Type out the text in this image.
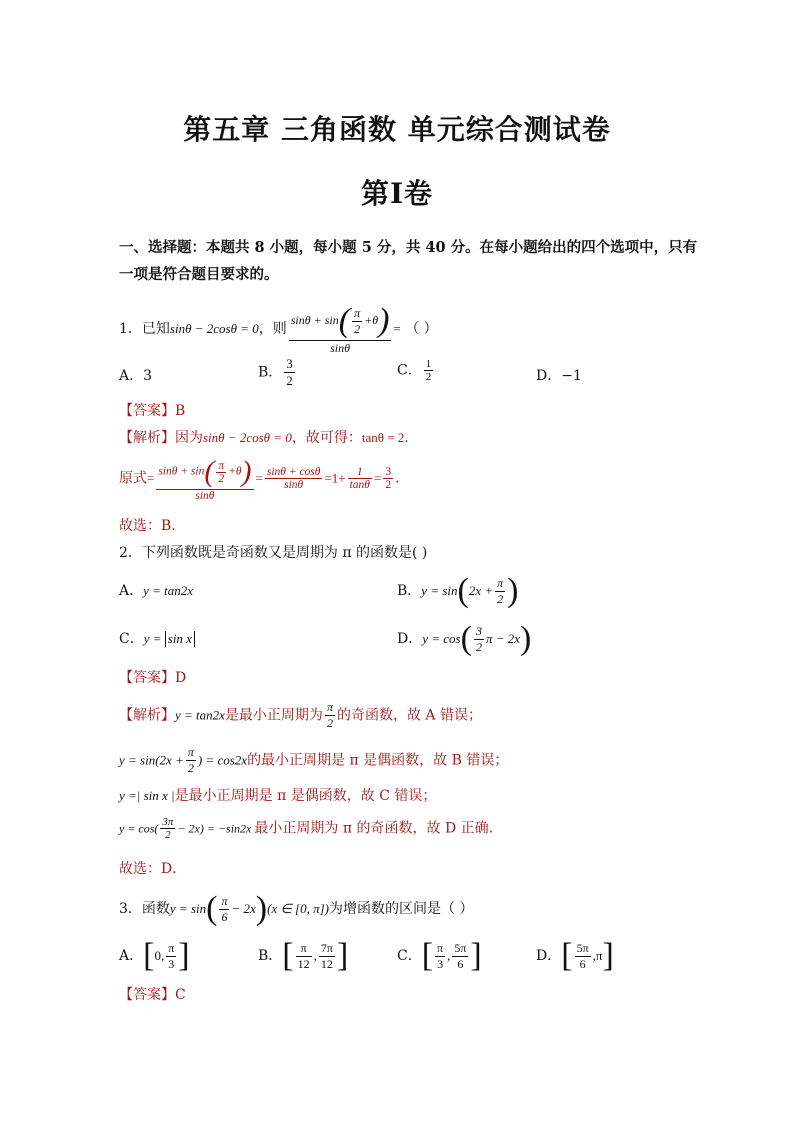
第五章 三角函数 单元综合测试卷
第Ⅰ卷
一、选择题：本题共 8 小题，每小题 5 分，共 40 分。在每小题给出的四个选项中，只有
一项是符合题目要求的。
1．已知sinθ − 2cosθ = 0，则 $\frac{\sin\theta + \sin( \frac{\pi}{2} +\theta)}{\sin\theta}$ = （ ）
A．3	B． $\frac{3}{2}$	C． $\frac{1}{2}$	D．−1
【答案】B
【解析】因为sinθ − 2cosθ = 0，故可得：tanθ = 2.
原式= $\frac{\sin\theta + \sin( \frac{\pi}{2} +\theta)}{\sin\theta} = \frac{\sin\theta + \cos\theta}{\sin\theta} =1+ \frac{1}{\tan\theta} = \frac{3}{2}$ .
故选：B.
2．下列函数既是奇函数又是周期为 π 的函数是( )
A．y = tan2x	B．$y = \sin(2x + \frac{\pi}{2}$ )
C．y = sin x	D．$y = \cos( \frac{3}{2}$ π − 2x)
【答案】D
【解析】y = tan2x是最小正周期为 $\frac{\pi}{2}$ 的奇函数，故 A 错误；
$y = \sin(2x + \frac{\pi}{2}$ ) = cos2x的最小正周期是 π 是偶函数，故 B 错误；
y =| sin x |是最小正周期是 π 是偶函数，故 C 错误；
$y = \cos( \frac{3\pi}{2} - 2x) = -\sin 2x$ 最小正周期为 π 的奇函数，故 D 正确.
故选：D．
3．函数$y = \sin( \frac{\pi}{6} - 2x)(x$ ∈ [0, π])为增函数的区间是（ ）
A．[0, $\frac{\pi}{3}$ ]	B．[ $\frac{\pi}{12}$ , $\frac{7\pi}{12}$ ]	C．[ $\frac{\pi}{3}$ , $\frac{5\pi}{6}$ ]	D．[ $\frac{5\pi}{6} ,\pi$]
【答案】C
